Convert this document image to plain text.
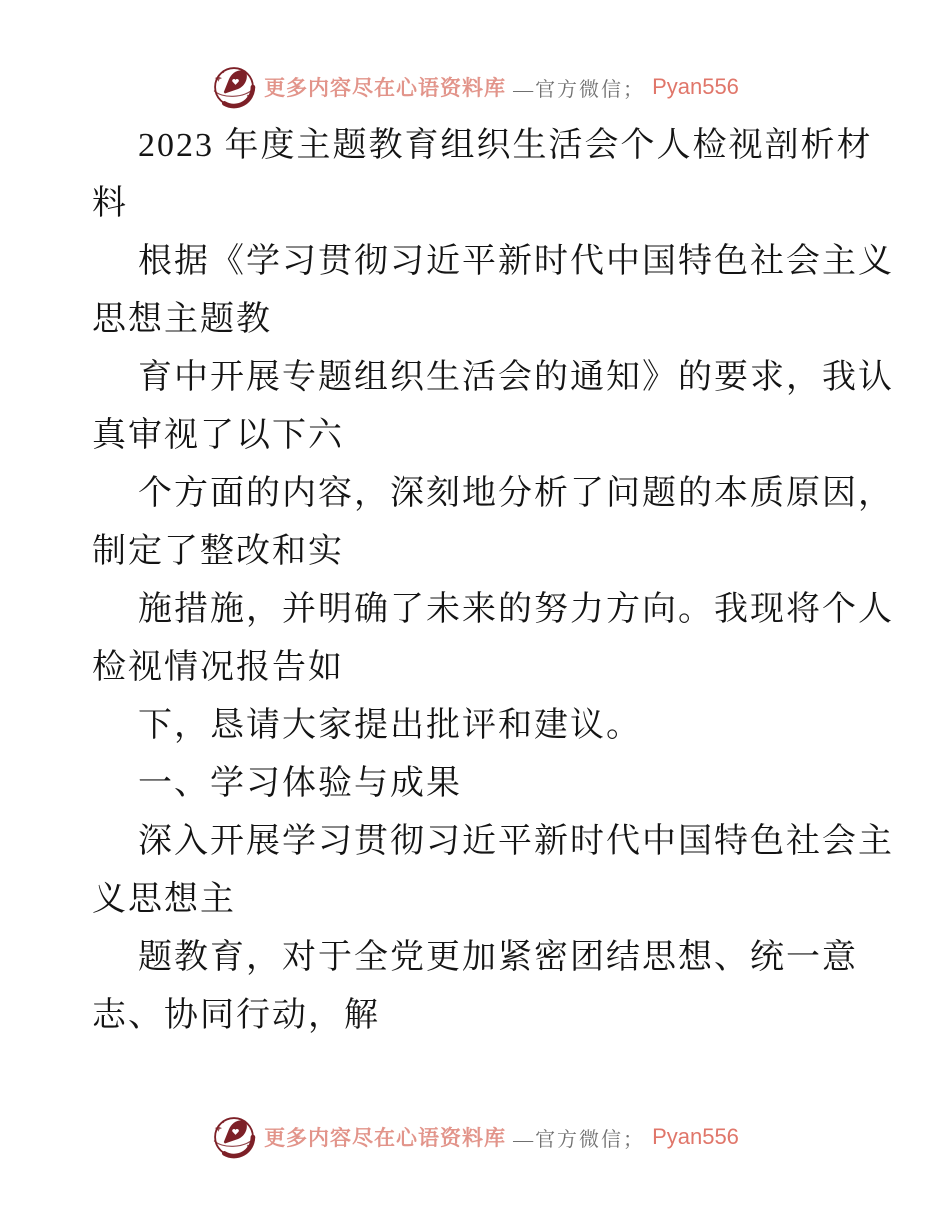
更多内容尽在心语资料库 —官方微信； Pyan556
2023 年度主题教育组织生活会个人检视剖析材
料
根据《学习贯彻习近平新时代中国特色社会主义
思想主题教
育中开展专题组织生活会的通知》的要求，我认
真审视了以下六
个方面的内容，深刻地分析了问题的本质原因，
制定了整改和实
施措施，并明确了未来的努力方向。我现将个人
检视情况报告如
下，恳请大家提出批评和建议。
一、学习体验与成果
深入开展学习贯彻习近平新时代中国特色社会主
义思想主
题教育，对于全党更加紧密团结思想、统一意
志、协同行动，解
更多内容尽在心语资料库 —官方微信； Pyan556
